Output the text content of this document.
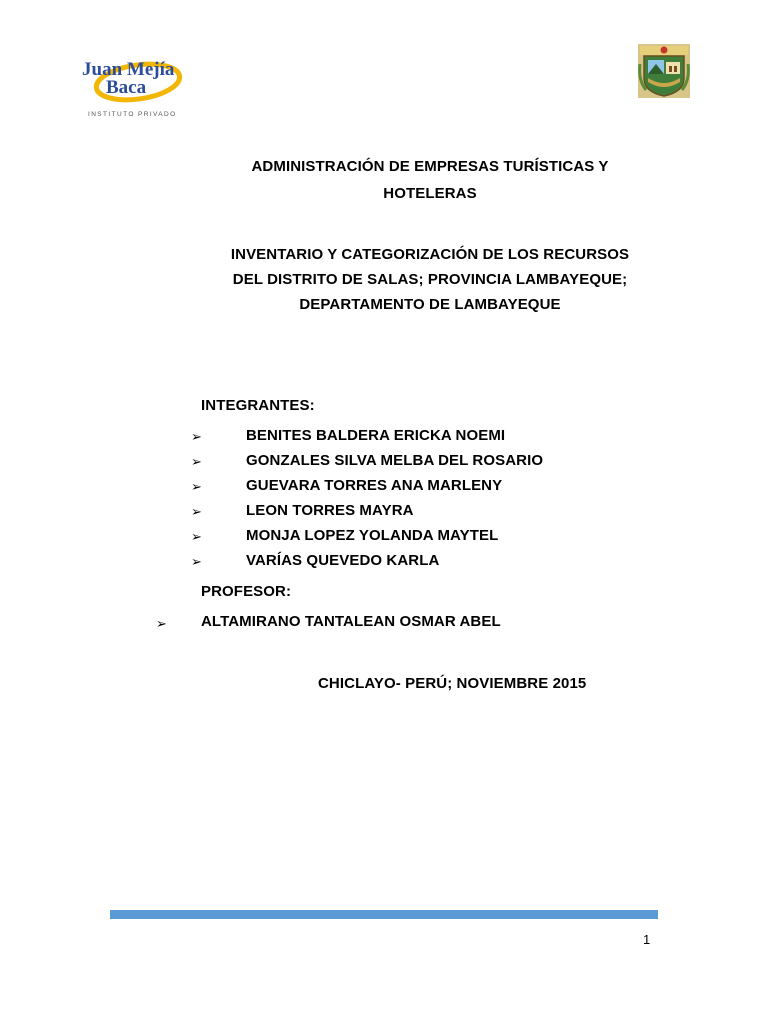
Juan Mejía
Baca
INSTITUTO PRIVADO
ADMINISTRACIÓN DE EMPRESAS TURÍSTICAS Y
HOTELERAS
INVENTARIO Y CATEGORIZACIÓN DE LOS RECURSOS
DEL DISTRITO DE SALAS; PROVINCIA LAMBAYEQUE;
DEPARTAMENTO DE LAMBAYEQUE
INTEGRANTES:
➢	BENITES BALDERA ERICKA NOEMI
➢	GONZALES SILVA MELBA DEL ROSARIO
➢	GUEVARA TORRES ANA MARLENY
➢	LEON TORRES MAYRA
➢	MONJA LOPEZ YOLANDA MAYTEL
➢	VARÍAS QUEVEDO KARLA
PROFESOR:
➢ ALTAMIRANO TANTALEAN OSMAR ABEL
CHICLAYO- PERÚ; NOVIEMBRE 2015
1
